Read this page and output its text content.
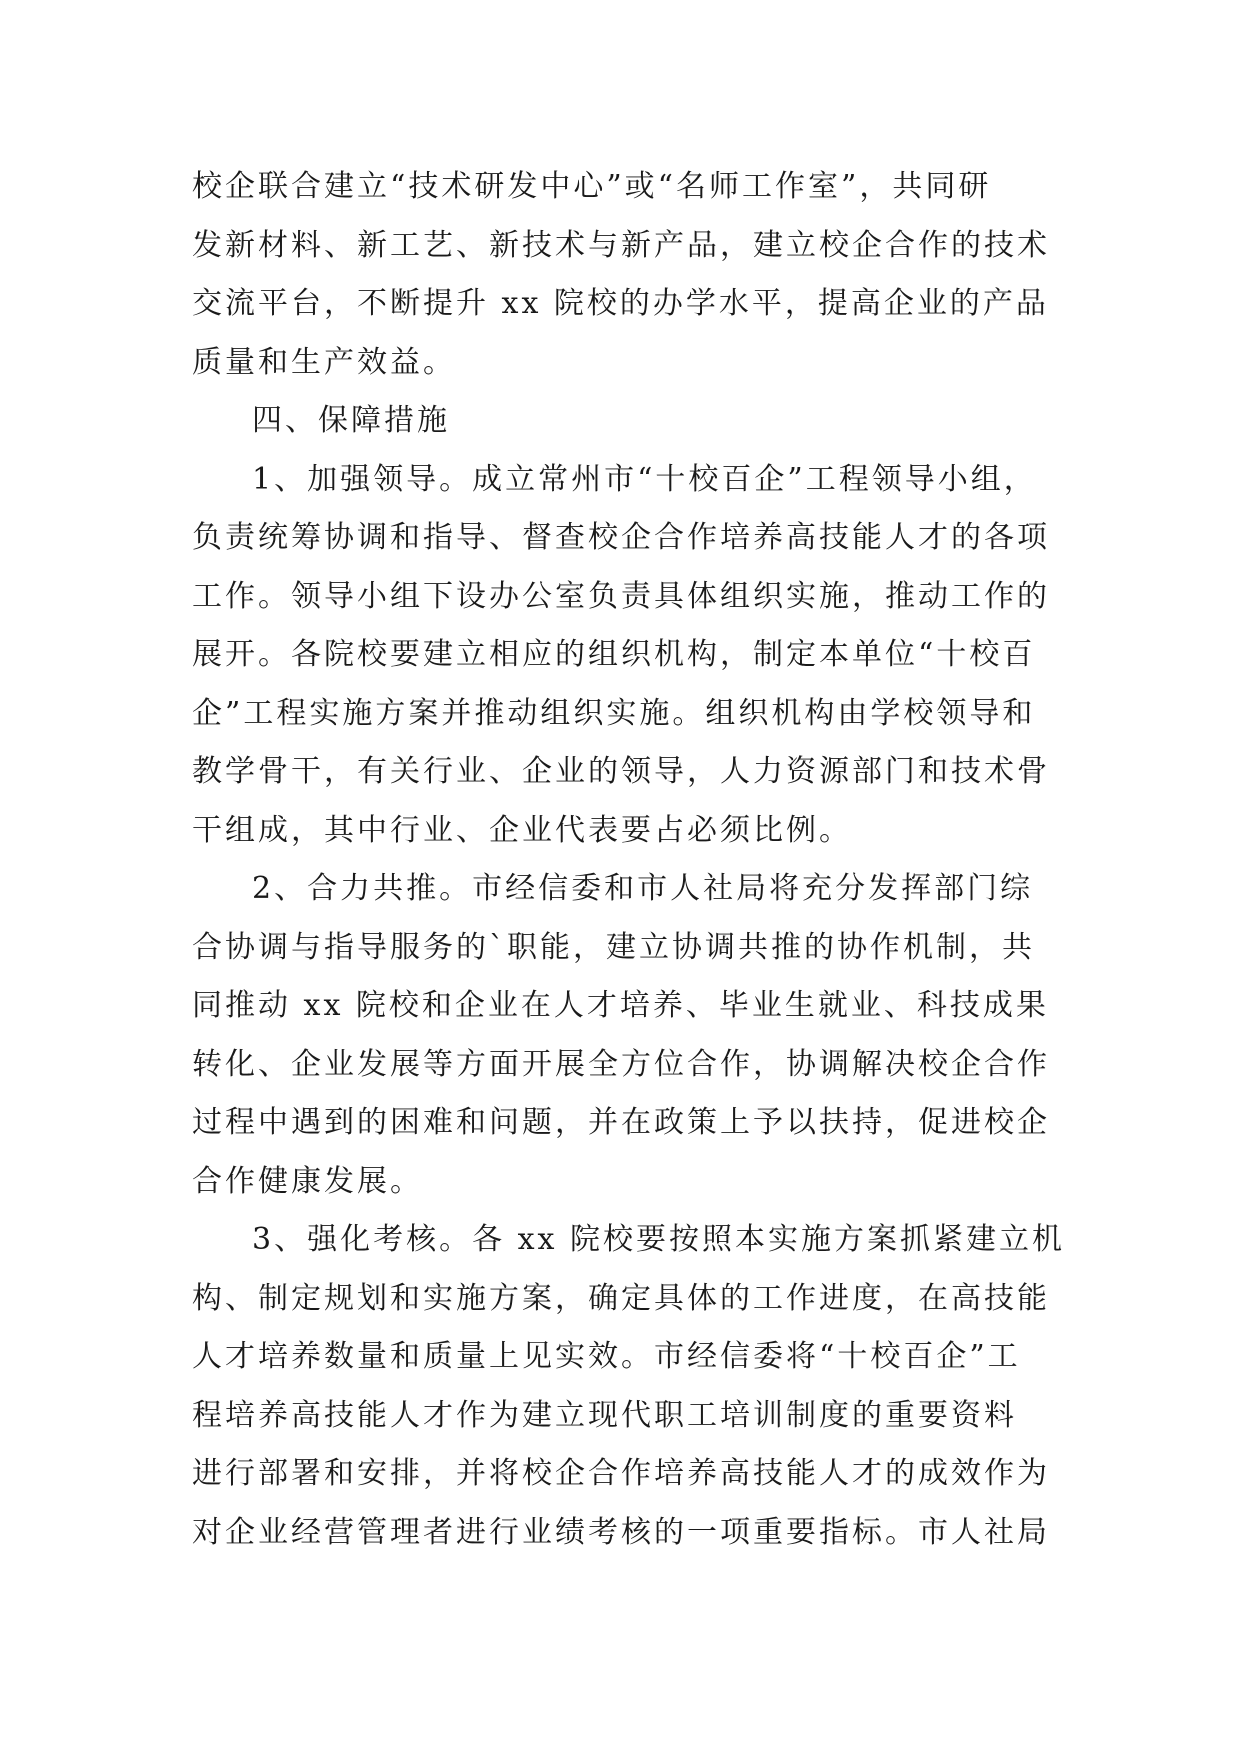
校企联合建立“技术研发中心”或“名师工作室”，共同研
发新材料、新工艺、新技术与新产品，建立校企合作的技术
交流平台，不断提升 xx 院校的办学水平，提高企业的产品
质量和生产效益。
四、保障措施
1、加强领导。成立常州市“十校百企”工程领导小组，
负责统筹协调和指导、督查校企合作培养高技能人才的各项
工作。领导小组下设办公室负责具体组织实施，推动工作的
展开。各院校要建立相应的组织机构，制定本单位“十校百
企”工程实施方案并推动组织实施。组织机构由学校领导和
教学骨干，有关行业、企业的领导，人力资源部门和技术骨
干组成，其中行业、企业代表要占必须比例。
2、合力共推。市经信委和市人社局将充分发挥部门综
合协调与指导服务的`职能，建立协调共推的协作机制，共
同推动 xx 院校和企业在人才培养、毕业生就业、科技成果
转化、企业发展等方面开展全方位合作，协调解决校企合作
过程中遇到的困难和问题，并在政策上予以扶持，促进校企
合作健康发展。
3、强化考核。各 xx 院校要按照本实施方案抓紧建立机
构、制定规划和实施方案，确定具体的工作进度，在高技能
人才培养数量和质量上见实效。市经信委将“十校百企”工
程培养高技能人才作为建立现代职工培训制度的重要资料
进行部署和安排，并将校企合作培养高技能人才的成效作为
对企业经营管理者进行业绩考核的一项重要指标。市人社局
